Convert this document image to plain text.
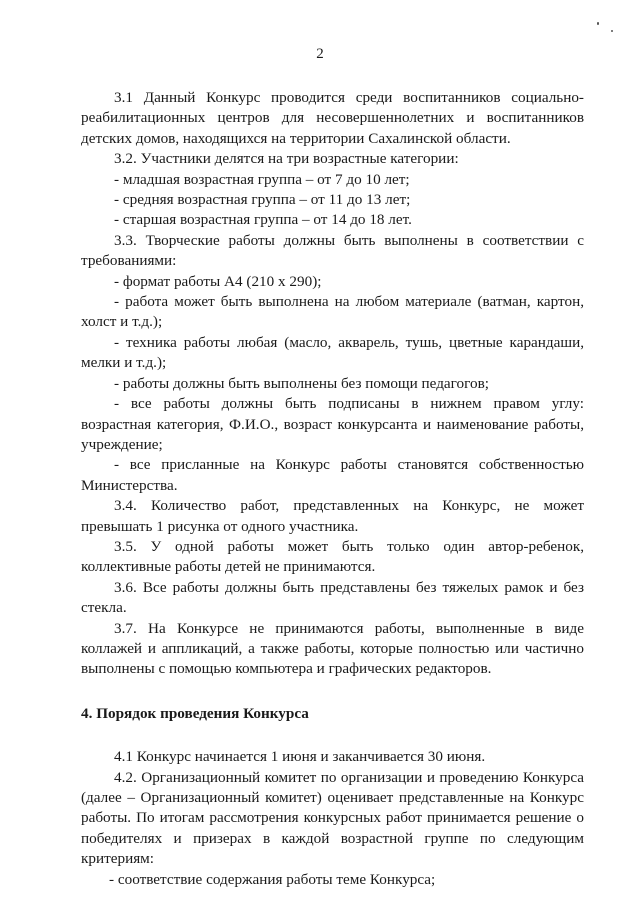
2

3.1 Данный Конкурс проводится среди воспитанников социально-реабилитационных центров для несовершеннолетних и воспитанников детских домов, находящихся на территории Сахалинской области.

3.2. Участники делятся на три возрастные категории:

- младшая возрастная группа – от 7 до 10 лет;

- средняя возрастная группа – от 11 до 13 лет;

- старшая возрастная группа – от 14 до 18 лет.

3.3. Творческие работы должны быть выполнены в соответствии с требованиями:

- формат работы А4 (210 х 290);

- работа может быть выполнена на любом материале (ватман, картон, холст и т.д.);

- техника работы любая (масло, акварель, тушь, цветные карандаши, мелки и т.д.);

- работы должны быть выполнены без помощи педагогов;

- все работы должны быть подписаны в нижнем правом углу: возрастная категория, Ф.И.О., возраст конкурсанта и наименование работы, учреждение;

- все присланные на Конкурс работы становятся собственностью Министерства.

3.4. Количество работ, представленных на Конкурс, не может превышать 1 рисунка от одного участника.

3.5. У одной работы может быть только один автор-ребенок, коллективные работы детей не принимаются.

3.6. Все работы должны быть представлены без тяжелых рамок и без стекла.

3.7. На Конкурсе не принимаются работы, выполненные в виде коллажей и аппликаций, а также работы, которые полностью или частично выполнены с помощью компьютера и графических редакторов.

4. Порядок проведения Конкурса

4.1 Конкурс начинается 1 июня и заканчивается 30 июня.

4.2. Организационный комитет по организации и проведению Конкурса (далее – Организационный комитет) оценивает представленные на Конкурс работы. По итогам рассмотрения конкурсных работ принимается решение о победителях и призерах в каждой возрастной группе по следующим критериям:

- соответствие содержания работы теме Конкурса;
